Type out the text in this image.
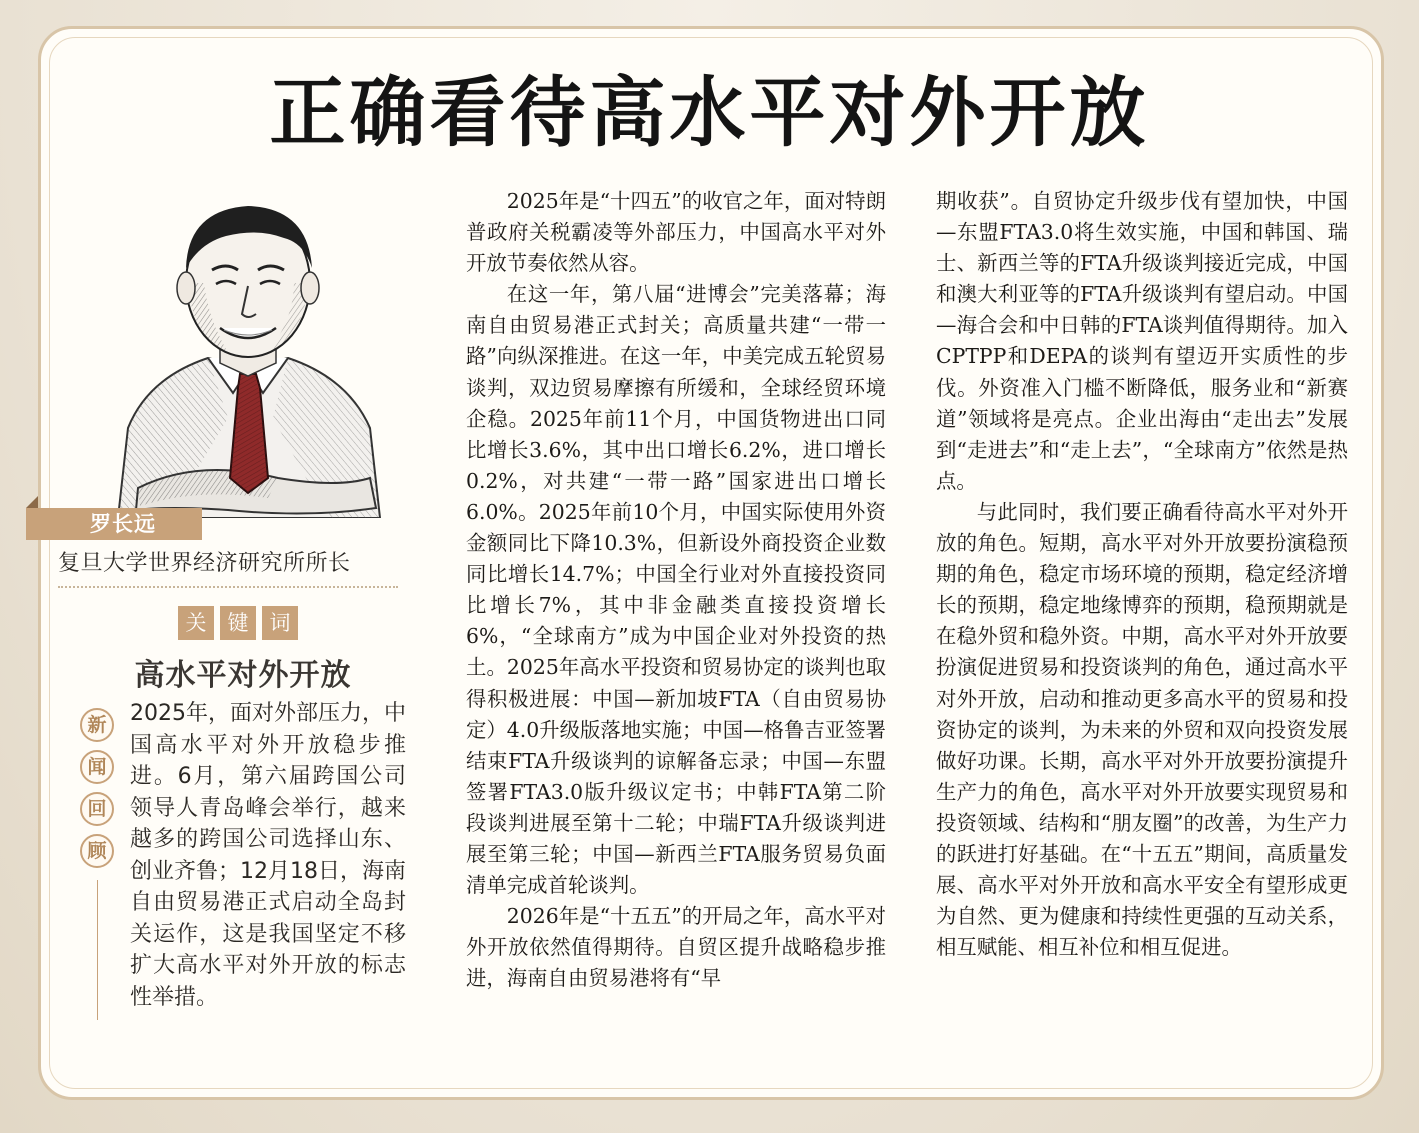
正确看待高水平对外开放
罗长远
复旦大学世界经济研究所所长
关	键	词
高水平对外开放
新
闻
回
顾
2025年，面对外部压力，中国高水平对外开放稳步推进。6月，第六届跨国公司领导人青岛峰会举行，越来越多的跨国公司选择山东、创业齐鲁；12月18日，海南自由贸易港正式启动全岛封关运作，这是我国坚定不移扩大高水平对外开放的标志性举措。

2025年是“十四五”的收官之年，面对特朗普政府关税霸凌等外部压力，中国高水平对外开放节奏依然从容。

在这一年，第八届“进博会”完美落幕；海南自由贸易港正式封关；高质量共建“一带一路”向纵深推进。在这一年，中美完成五轮贸易谈判，双边贸易摩擦有所缓和，全球经贸环境企稳。2025年前11个月，中国货物进出口同比增长3.6%，其中出口增长6.2%，进口增长0.2%，对共建“一带一路”国家进出口增长6.0%。2025年前10个月，中国实际使用外资金额同比下降10.3%，但新设外商投资企业数同比增长14.7%；中国全行业对外直接投资同比增长7%，其中非金融类直接投资增长6%，“全球南方”成为中国企业对外投资的热土。2025年高水平投资和贸易协定的谈判也取得积极进展：中国—新加坡FTA（自由贸易协定）4.0升级版落地实施；中国—格鲁吉亚签署结束FTA升级谈判的谅解备忘录；中国—东盟签署FTA3.0版升级议定书；中韩FTA第二阶段谈判进展至第十二轮；中瑞FTA升级谈判进展至第三轮；中国—新西兰FTA服务贸易负面清单完成首轮谈判。

2026年是“十五五”的开局之年，高水平对外开放依然值得期待。自贸区提升战略稳步推进，海南自由贸易港将有“早

期收获”。自贸协定升级步伐有望加快，中国—东盟FTA3.0将生效实施，中国和韩国、瑞士、新西兰等的FTA升级谈判接近完成，中国和澳大利亚等的FTA升级谈判有望启动。中国—海合会和中日韩的FTA谈判值得期待。加入CPTPP和DEPA的谈判有望迈开实质性的步伐。外资准入门槛不断降低，服务业和“新赛道”领域将是亮点。企业出海由“走出去”发展到“走进去”和“走上去”，“全球南方”依然是热点。

与此同时，我们要正确看待高水平对外开放的角色。短期，高水平对外开放要扮演稳预期的角色，稳定市场环境的预期，稳定经济增长的预期，稳定地缘博弈的预期，稳预期就是在稳外贸和稳外资。中期，高水平对外开放要扮演促进贸易和投资谈判的角色，通过高水平对外开放，启动和推动更多高水平的贸易和投资协定的谈判，为未来的外贸和双向投资发展做好功课。长期，高水平对外开放要扮演提升生产力的角色，高水平对外开放要实现贸易和投资领域、结构和“朋友圈”的改善，为生产力的跃进打好基础。在“十五五”期间，高质量发展、高水平对外开放和高水平安全有望形成更为自然、更为健康和持续性更强的互动关系，相互赋能、相互补位和相互促进。
